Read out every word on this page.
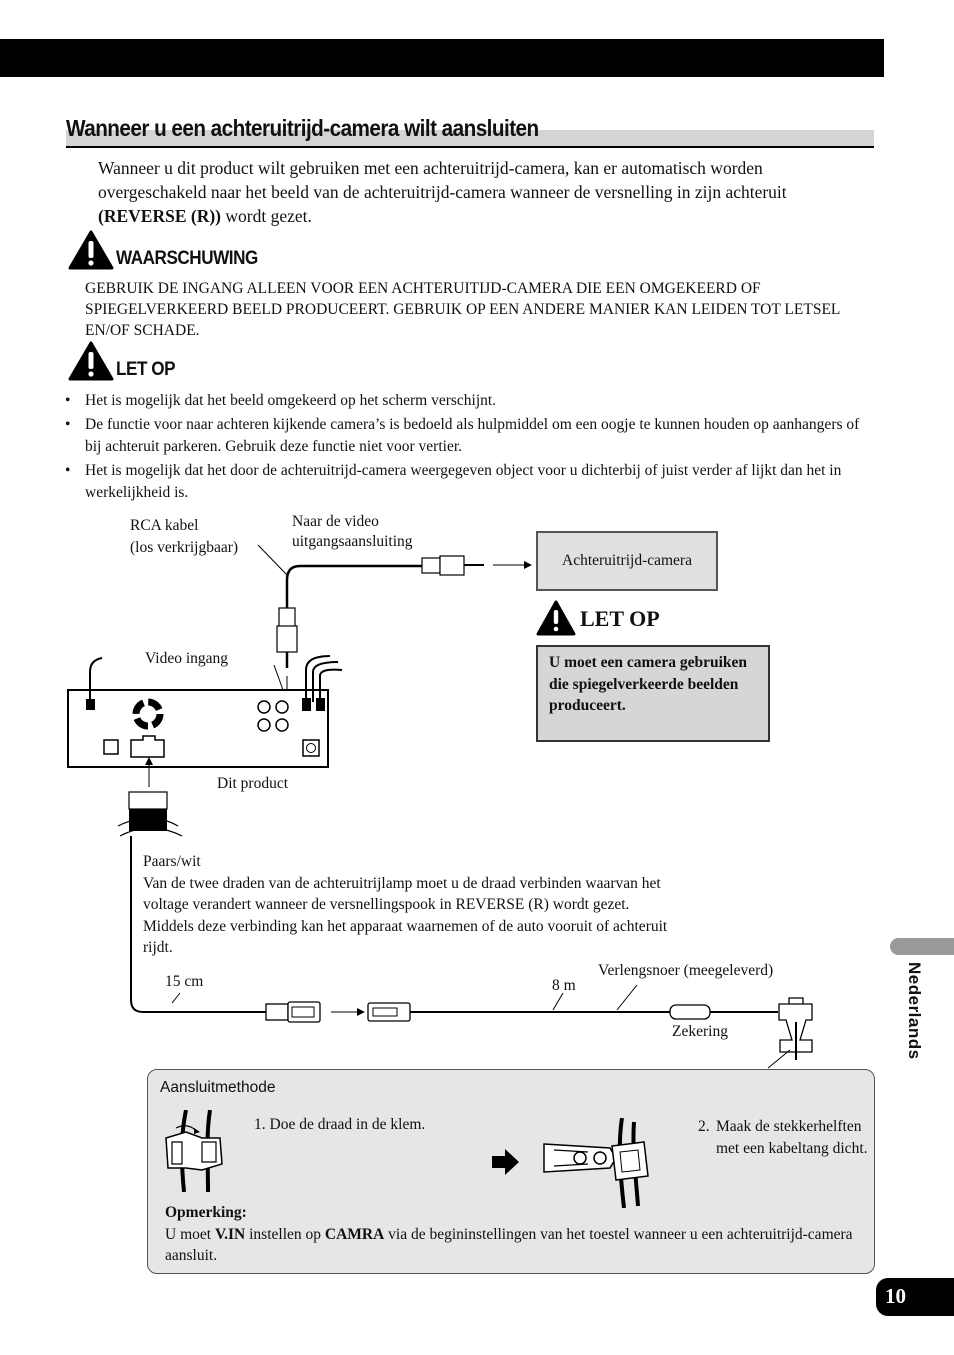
Wanneer u een achteruitrijd-camera wilt aansluiten
Wanneer u dit product wilt gebruiken met een achteruitrijd-camera, kan er automatisch worden overgeschakeld naar het beeld van de achteruitrijd-camera wanneer de versnelling in zijn achteruit (REVERSE (R)) wordt gezet.
WAARSCHUWING
GEBRUIK DE INGANG ALLEEN VOOR EEN ACHTERUITIJD-CAMERA DIE EEN OMGEKEERD OF SPIEGELVERKEERD BEELD PRODUCEERT. GEBRUIK OP EEN ANDERE MANIER KAN LEIDEN TOT LETSEL EN/OF SCHADE.
LET OP
• Het is mogelijk dat het beeld omgekeerd op het scherm verschijnt.
• De functie voor naar achteren kijkende camera’s is bedoeld als hulpmiddel om een oogje te kunnen houden op aanhangers of bij achteruit parkeren. Gebruik deze functie niet voor vertier.
• Het is mogelijk dat het door de achteruitrijd-camera weergegeven object voor u dichterbij of juist verder af lijkt dan het in werkelijkheid is.
RCA kabel
(los verkrijgbaar)
Naar de video
uitgangsaansluiting
Achteruitrijd-camera
LET OP
U moet een camera gebruiken die spiegelverkeerde beelden produceert.
Video ingang
Dit product
Paars/wit
Van de twee draden van de achteruitrijlamp moet u de draad verbinden waarvan het voltage verandert wanneer de versnellingspook in REVERSE (R) wordt gezet. Middels deze verbinding kan het apparaat waarnemen of de auto vooruit of achteruit rijdt.
15 cm	8 m
Verlengsnoer (meegeleverd)
Zekering
Aansluitmethode
1. Doe de draad in de klem.	2. Maak de stekkerhelften met een kabeltang dicht.
Opmerking:
U moet V.IN instellen op CAMRA via de begininstellingen van het toestel wanneer u een achteruitrijd-camera aansluit.
Nederlands
10
